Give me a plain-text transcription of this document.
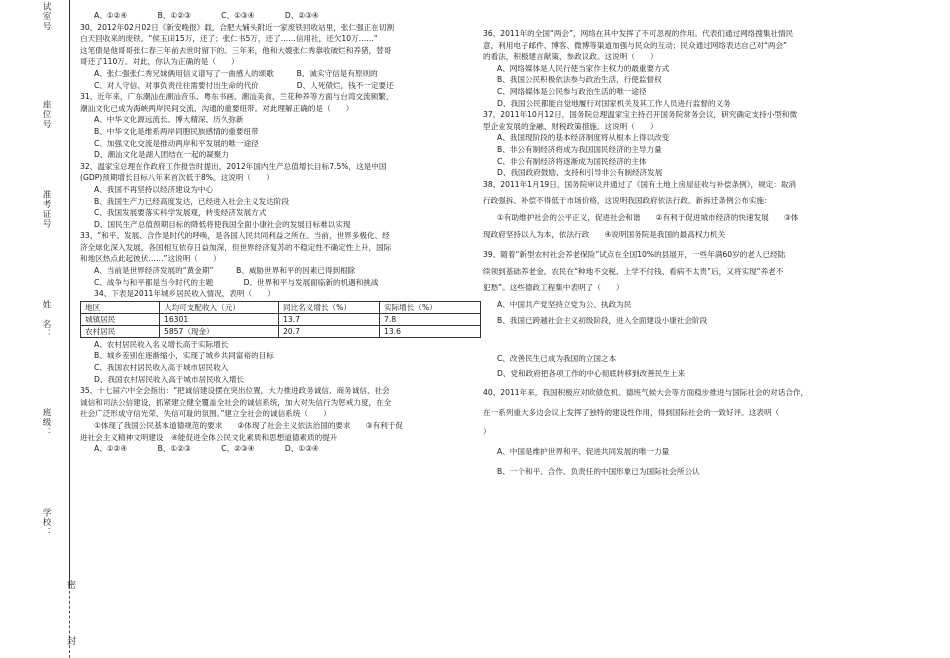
试室号
座位号
准考证号
姓　名：
班级：
学校：
密
封

A、①②④　　　　B、①②③　　　　C、①③④　　　　D、②③④

30、2012年02月02日《新安晚报》载，合肥大辅头附近一家废铁回收站里，张仁强正在切割

白天回收来的废铁。“侯玉田15万，还了；张仁书5万，还了……信用社，还欠10万……”

这笔债是他哥哥张仁春三年前去世时留下的。三年来，他和大嫂张仁秀靠收破烂和养猪，替哥

哥还了110万。对此，你认为正确的是（　　）

A、张仁强张仁秀兄妹俩用信义谱写了一曲感人的颂歌　　　B、诚实守信是有原则的

C、对人守信、对事负责往往需要付出生命的代价　　　　　D、人死债烂，钱不一定要还

31、近年来，广东潮汕在潮汕音乐、粤东书画、潮汕美食、兰花种养等方面与台湾交流频繁，

潮汕文化已成为海峡两岸民间交流、沟通的重要纽带。对此理解正确的是（　　）

A、中华文化源远流长、博大精深、历久弥新

B、中华文化是维系两岸同胞民族感情的重要纽带

C、加强文化交流是推动两岸和平发展的唯一途径

D、潮汕文化是湖人团结在一起的凝聚力

32、温家宝总理在作政府工作报告时提出，2012年国内生产总值增长目标7.5%，这是中国

(GDP)预期增长目标八年来首次低于8%。这说明（　　）

A、我国不再坚持以经济建设为中心

B、我国生产力已经高度发达，已经进入社会主义发达阶段

C、我国发展要落实科学发展观，转变经济发展方式

D、国民生产总值预期目标的降低将使我国全面小康社会的发展目标难以实现

33、“和平、发展、合作是时代的呼唤，是各国人民共同利益之所在。当前，世界多极化、经

济全球化深入发展，各国相互依存日益加深，但世界经济复苏的不稳定性不确定性上升，国际

和地区热点此起彼伏……”这说明（　　）

A、当前是世界经济发展的“黄金期”　　　B、威胁世界和平的因素已得到根除

C、战争与和平都是当今时代的主题　　　　D、世界和平与发展面临新的机遇和挑战

34、下表是2011年城乡居民收入情况，表明（　　）

地区	人均可支配收入（元）	同比名义增长（%）	实际增长（%）
城镇居民	16301	13.7	7.8
农村居民	5857（现金）	20.7	13.6

A、农村居民收入名义增长高于实际增长

B、城乡差别在逐渐缩小，实现了城乡共同富裕的目标

C、我国农村居民收入高于城市居民收入

D、我国农村居民收入高于城市居民收入增长

35、十七届六中全会指出：“把诚信建设摆在突出位置，大力推进政务诚信、商务诚信、社会

诚信和司法公信建设，抓紧建立健全覆盖全社会的诚信系统，加大对失信行为惩戒力度，在全

社会广泛形成守信光荣、失信可耻的氛围。”建立全社会的诚信系统（　　）

①体现了我国公民基本道德规范的要求　　②体现了社会主义依法治国的要求　　③有利于促

进社会主义精神文明建设　④能促进全体公民文化素质和思想道德素质的提升

A、①②④　　　　B、①②③　　　　C、②③④　　　　D、①③④

36、2011年的全国“两会”，网络在其中发挥了不可忽视的作用。代表们通过网络搜集社情民

意，利用电子邮件、博客、微博等渠道加强与民众的互动；民众通过网络表达自己对“两会”

的看法，积极建言献策、参政议政。这说明（　　）

A、网络媒体是人民行使当家作主权力的最重要方式

B、我国公民积极依法参与政治生活，行使监督权

C、网络媒体是公民参与政治生活的唯一途径

D、我国公民都能自觉地履行对国家机关及其工作人员进行监督的义务

37、2011年10月12日，国务院总理温家宝主持召开国务院常务会议，研究确定支持小型和微

型企业发展的金融、财税政策措施。这说明（　　）

A、我国现阶段的基本经济制度将从根本上得以改变

B、非公有制经济将成为我国国民经济的主导力量

C、非公有制经济将逐渐成为国民经济的主体

D、我国政府鼓励、支持和引导非公有制经济发展

38、2011年1月19日，国务院审议并通过了《国有土地上房屋征收与补偿条例》，规定：取消

行政强拆、补偿不得低于市场价格，这说明我国政府依法行政。新拆迁条例公布实施：

①有助维护社会的公平正义，促进社会和谐　　②有利于促进城市经济的快速发展　　③体

现政府坚持以人为本，依法行政　　④说明国务院是我国的最高权力机关

39、随着“新型农村社会养老保险”试点在全国10%的县展开，一些年满60岁的老人已经陆

续领到基础养老金。农民在“种地不交税、上学不付钱、看病不太贵”后，又将实现“养老不

犯愁”。这些德政工程集中表明了（　　）

A、中国共产党坚持立党为公、执政为民

B、我国已跨越社会主义初级阶段，进入全面建设小康社会阶段

C、改善民生已成为我国的立国之本

D、党和政府把各项工作的中心彻底转移到改善民生上来

40、2011年来，我国积极应对欧债危机、德班气候大会等方面稳步推进与国际社会的对话合作，

在一系列重大多边会议上发挥了独特的建设性作用，得到国际社会的一致好评。这表明（

）

A、中国是维护世界和平、促进共同发展的唯一力量

B、一个和平、合作、负责任的中国形象已为国际社会所公认
